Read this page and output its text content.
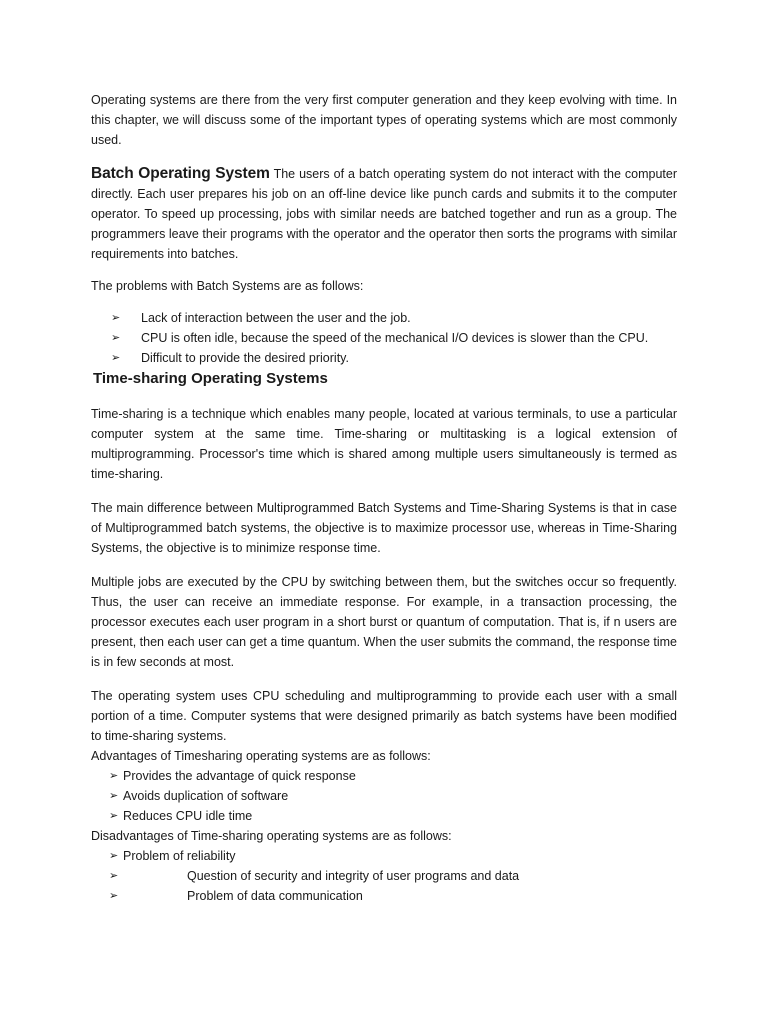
Operating systems are there from the very first computer generation and they keep evolving with time. In this chapter, we will discuss some of the important types of operating systems which are most commonly used.

Batch Operating System The users of a batch operating system do not interact with the computer directly. Each user prepares his job on an off-line device like punch cards and submits it to the computer operator. To speed up processing, jobs with similar needs are batched together and run as a group. The programmers leave their programs with the operator and the operator then sorts the programs with similar requirements into batches.

The problems with Batch Systems are as follows:

➢ Lack of interaction between the user and the job.
➢ CPU is often idle, because the speed of the mechanical I/O devices is slower than the CPU.
➢ Difficult to provide the desired priority.
Time-sharing Operating Systems

Time-sharing is a technique which enables many people, located at various terminals, to use a particular computer system at the same time. Time-sharing or multitasking is a logical extension of multiprogramming. Processor's time which is shared among multiple users simultaneously is termed as time-sharing.

The main difference between Multiprogrammed Batch Systems and Time-Sharing Systems is that in case of Multiprogrammed batch systems, the objective is to maximize processor use, whereas in Time-Sharing Systems, the objective is to minimize response time.

Multiple jobs are executed by the CPU by switching between them, but the switches occur so frequently. Thus, the user can receive an immediate response. For example, in a transaction processing, the processor executes each user program in a short burst or quantum of computation. That is, if n users are present, then each user can get a time quantum. When the user submits the command, the response time is in few seconds at most.

The operating system uses CPU scheduling and multiprogramming to provide each user with a small portion of a time. Computer systems that were designed primarily as batch systems have been modified to time-sharing systems.

Advantages of Timesharing operating systems are as follows:

➢ Provides the advantage of quick response
➢ Avoids duplication of software
➢ Reduces CPU idle time

Disadvantages of Time-sharing operating systems are as follows:

➢ Problem of reliability
➢	Question of security and integrity of user programs and data
➢	Problem of data communication
